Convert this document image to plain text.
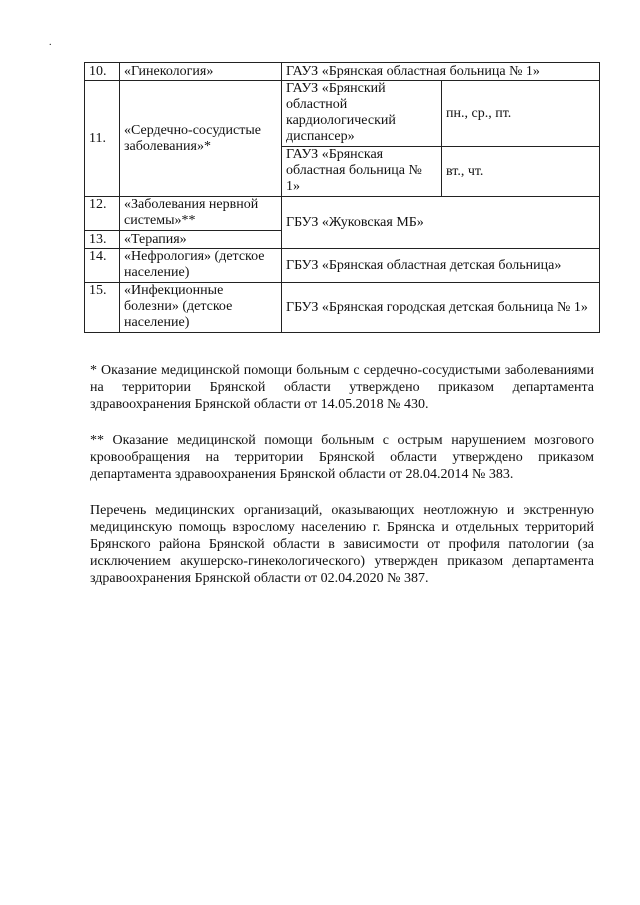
.
10.	«Гинекология»	ГАУЗ «Брянская областная больница № 1»	
11.	«Сердечно-сосудистые заболевания»*	ГАУЗ «Брянский областной кардиологический диспансер»	пн., ср., пт.
		ГАУЗ «Брянская областная больница № 1»	вт., чт.
12.	«Заболевания нервной системы»**	ГБУЗ «Жуковская МБ»	
13.	«Терапия»		
14.	«Нефрология» (детское население)	ГБУЗ «Брянская областная детская больница»	
15.	«Инфекционные болезни» (детское население)	ГБУЗ «Брянская городская детская больница № 1»	

* Оказание медицинской помощи больным с сердечно-сосудистыми заболеваниями на территории Брянской области утверждено приказом департамента здравоохранения Брянской области от 14.05.2018 № 430.

** Оказание медицинской помощи больным с острым нарушением мозгового кровообращения на территории Брянской области утверждено приказом департамента здравоохранения Брянской области от 28.04.2014 № 383.

Перечень медицинских организаций, оказывающих неотложную и экстренную медицинскую помощь взрослому населению г. Брянска и отдельных территорий Брянского района Брянской области в зависимости от профиля патологии (за исключением акушерско-гинекологического) утвержден приказом департамента здравоохранения Брянской области от 02.04.2020 № 387.
